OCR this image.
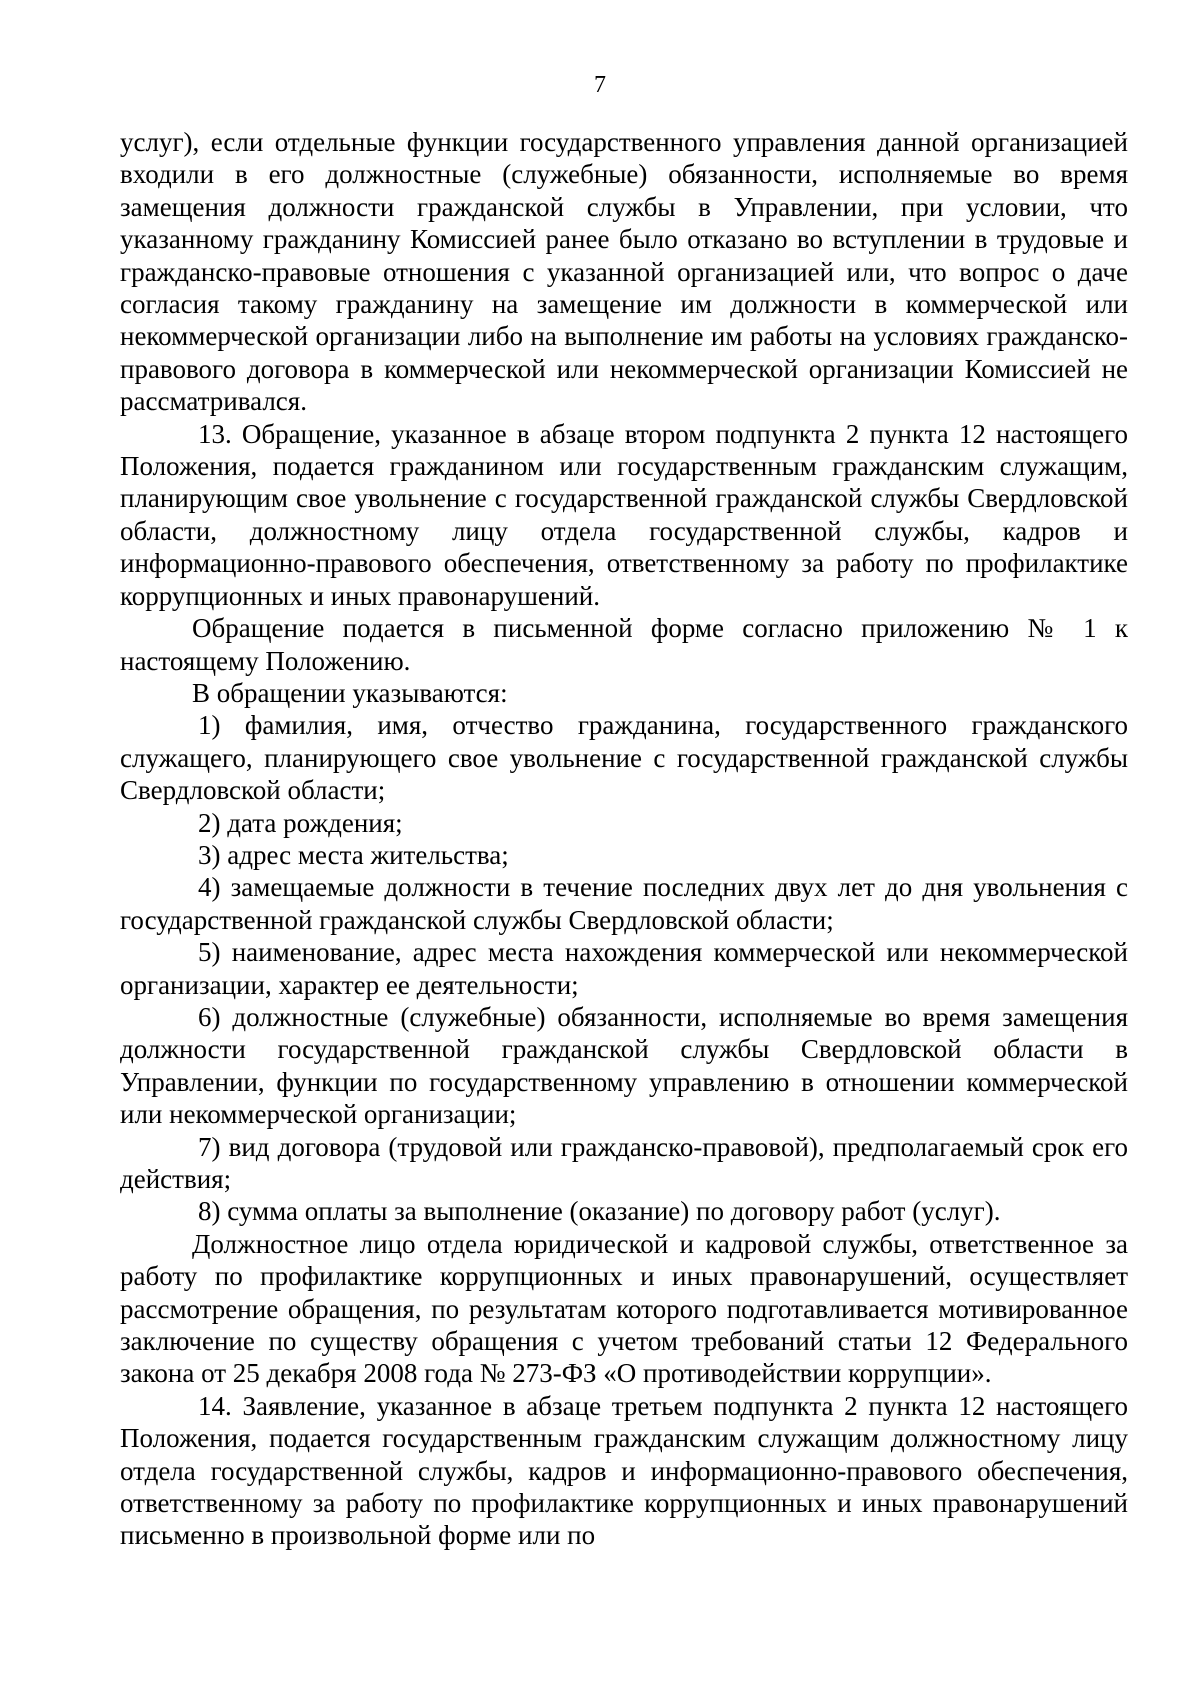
7

услуг), если отдельные функции государственного управления данной организацией входили в его должностные (служебные) обязанности, исполняемые во время замещения должности гражданской службы в Управлении, при условии, что указанному гражданину Комиссией ранее было отказано во вступлении в трудовые и гражданско-правовые отношения с указанной организацией или, что вопрос о даче согласия такому гражданину на замещение им должности в коммерческой или некоммерческой организации либо на выполнение им работы на условиях гражданско-правового договора в коммерческой или некоммерческой организации Комиссией не рассматривался.

13. Обращение, указанное в абзаце втором подпункта 2 пункта 12 настоящего Положения, подается гражданином или государственным гражданским служащим, планирующим свое увольнение с государственной гражданской службы Свердловской области, должностному лицу отдела государственной службы, кадров и информационно-правового обеспечения, ответственному за работу по профилактике коррупционных и иных правонарушений.

Обращение подается в письменной форме согласно приложению № 1 к настоящему Положению.

В обращении указываются:

1) фамилия, имя, отчество гражданина, государственного гражданского служащего, планирующего свое увольнение с государственной гражданской службы Свердловской области;

2) дата рождения;

3) адрес места жительства;

4) замещаемые должности в течение последних двух лет до дня увольнения с государственной гражданской службы Свердловской области;

5) наименование, адрес места нахождения коммерческой или некоммерческой организации, характер ее деятельности;

6) должностные (служебные) обязанности, исполняемые во время замещения должности государственной гражданской службы Свердловской области в Управлении, функции по государственному управлению в отношении коммерческой или некоммерческой организации;

7) вид договора (трудовой или гражданско-правовой), предполагаемый срок его действия;

8) сумма оплаты за выполнение (оказание) по договору работ (услуг).

Должностное лицо отдела юридической и кадровой службы, ответственное за работу по профилактике коррупционных и иных правонарушений, осуществляет рассмотрение обращения, по результатам которого подготавливается мотивированное заключение по существу обращения с учетом требований статьи 12 Федерального закона от 25 декабря 2008 года № 273-ФЗ «О противодействии коррупции».

14. Заявление, указанное в абзаце третьем подпункта 2 пункта 12 настоящего Положения, подается государственным гражданским служащим должностному лицу отдела государственной службы, кадров и информационно-правового обеспечения, ответственному за работу по профилактике коррупционных и иных правонарушений письменно в произвольной форме или по
